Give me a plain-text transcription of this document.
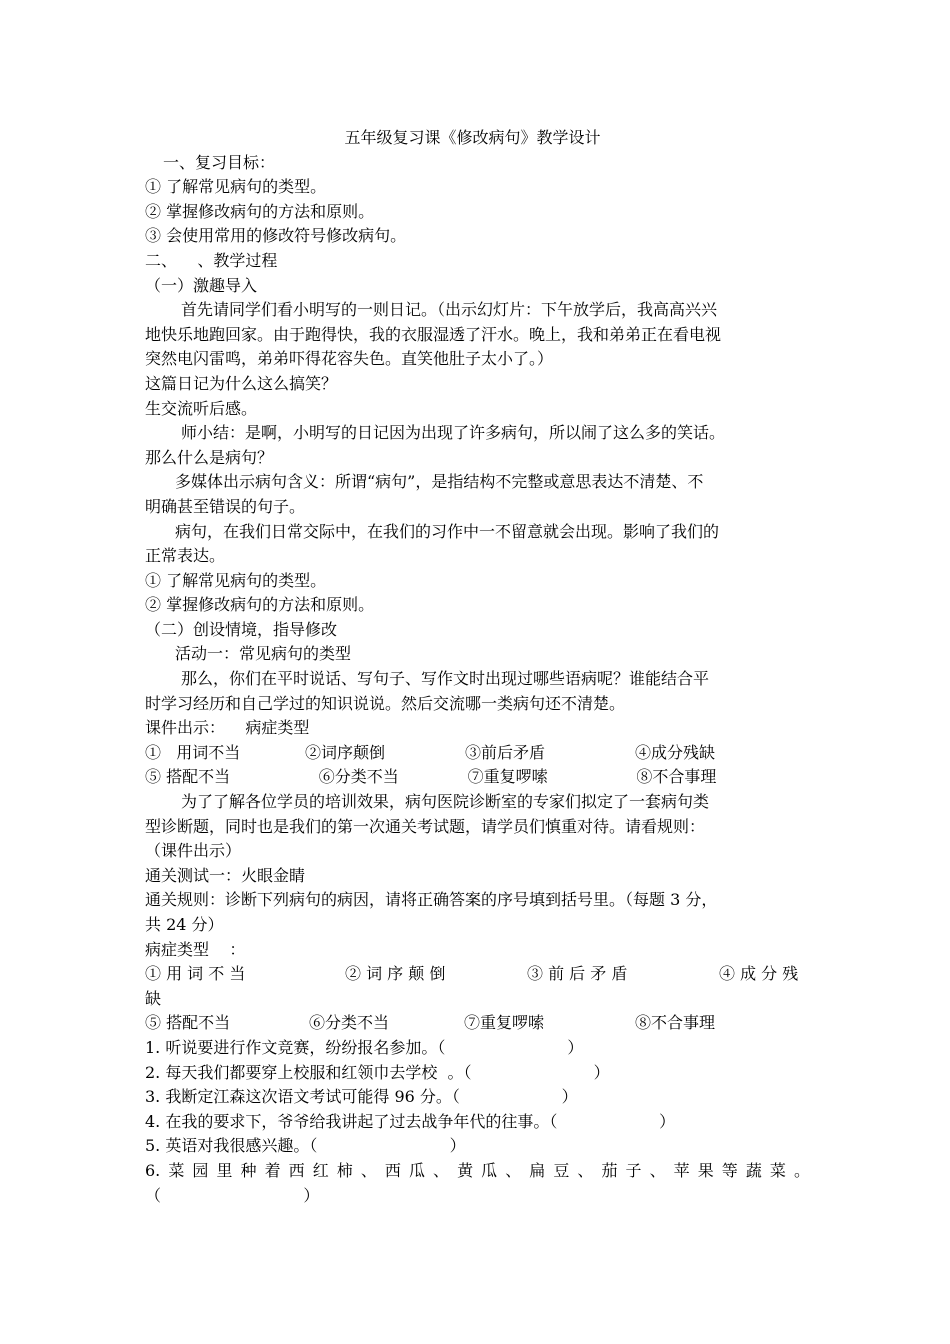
五年级复习课《修改病句》教学设计
一、复习目标：
① 了解常见病句的类型。
② 掌握修改病句的方法和原则。
③ 会使用常用的修改符号修改病句。
二、    、教学过程
（一）激趣导入
首先请同学们看小明写的一则日记。（出示幻灯片：下午放学后，我高高兴兴
地快乐地跑回家。由于跑得快，我的衣服湿透了汗水。晚上，我和弟弟正在看电视
突然电闪雷鸣，弟弟吓得花容失色。直笑他肚子太小了。）
这篇日记为什么这么搞笑？
生交流听后感。
师小结：是啊，小明写的日记因为出现了许多病句，所以闹了这么多的笑话。
那么什么是病句？
多媒体出示病句含义：所谓“病句”，是指结构不完整或意思表达不清楚、不
明确甚至错误的句子。
病句，在我们日常交际中，在我们的习作中一不留意就会出现。影响了我们的
正常表达。
① 了解常见病句的类型。
② 掌握修改病句的方法和原则。
（二）创设情境，指导修改
活动一：常见病句的类型
那么，你们在平时说话、写句子、写作文时出现过哪些语病呢？谁能结合平
时学习经历和自己学过的知识说说。然后交流哪一类病句还不清楚。
课件出示：    病症类型
①   用词不当	②词序颠倒	③前后矛盾	④成分残缺
⑤ 搭配不当	⑥分类不当	⑦重复啰嗦	⑧不合事理
为了了解各位学员的培训效果，病句医院诊断室的专家们拟定了一套病句类
型诊断题，同时也是我们的第一次通关考试题，请学员们慎重对待。请看规则：
（课件出示）
通关测试一：火眼金睛
通关规则：诊断下列病句的病因，请将正确答案的序号填到括号里。（每题 3 分，
共 24 分）
病症类型    ：
① 用 词 不 当	② 词 序 颠 倒	③ 前 后 矛 盾	④ 成 分 残
缺
⑤ 搭配不当	⑥分类不当	⑦重复啰嗦	⑧不合事理
1. 听说要进行作文竞赛，纷纷报名参加。（                        ）
2. 每天我们都要穿上校服和红领巾去学校  。（                        ）
3. 我断定江森这次语文考试可能得 96 分。（                    ）
4. 在我的要求下，爷爷给我讲起了过去战争年代的往事。（                    ）
5. 英语对我很感兴趣。（                          ）
6. 菜 园 里 种 着 西 红 柿 、 西 瓜 、 黄 瓜 、 扁 豆 、 茄 子 、 苹 果 等 蔬 菜 。
（                            ）
